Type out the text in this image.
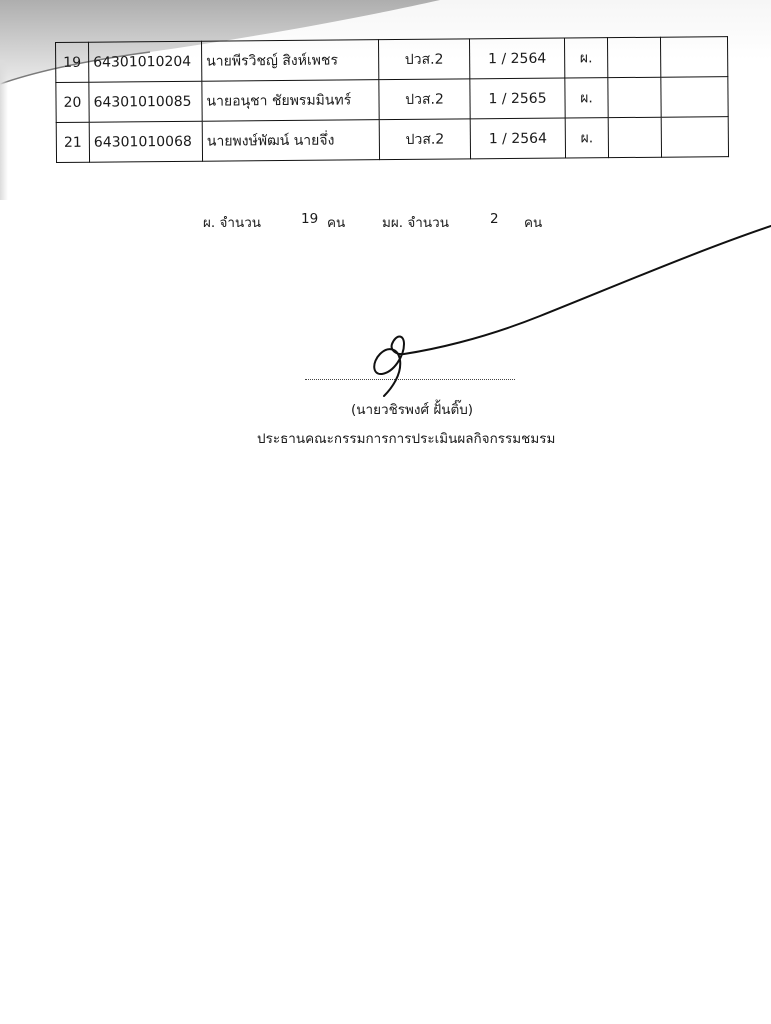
19	64301010204	นายพีรวิชญ์ สิงห์เพชร	ปวส.2	1 / 2564	ผ.		
20	64301010085	นายอนุชา ชัยพรมมินทร์	ปวส.2	1 / 2565	ผ.		
21	64301010068	นายพงษ์พัฒน์ นายจึ่ง	ปวส.2	1 / 2564	ผ.		
ผ. จำนวน	19 คน	มผ. จำนวน	2 คน
(นายวชิรพงศ์ ฝั้นติ๊บ)
ประธานคณะกรรมการการประเมินผลกิจกรรมชมรม
